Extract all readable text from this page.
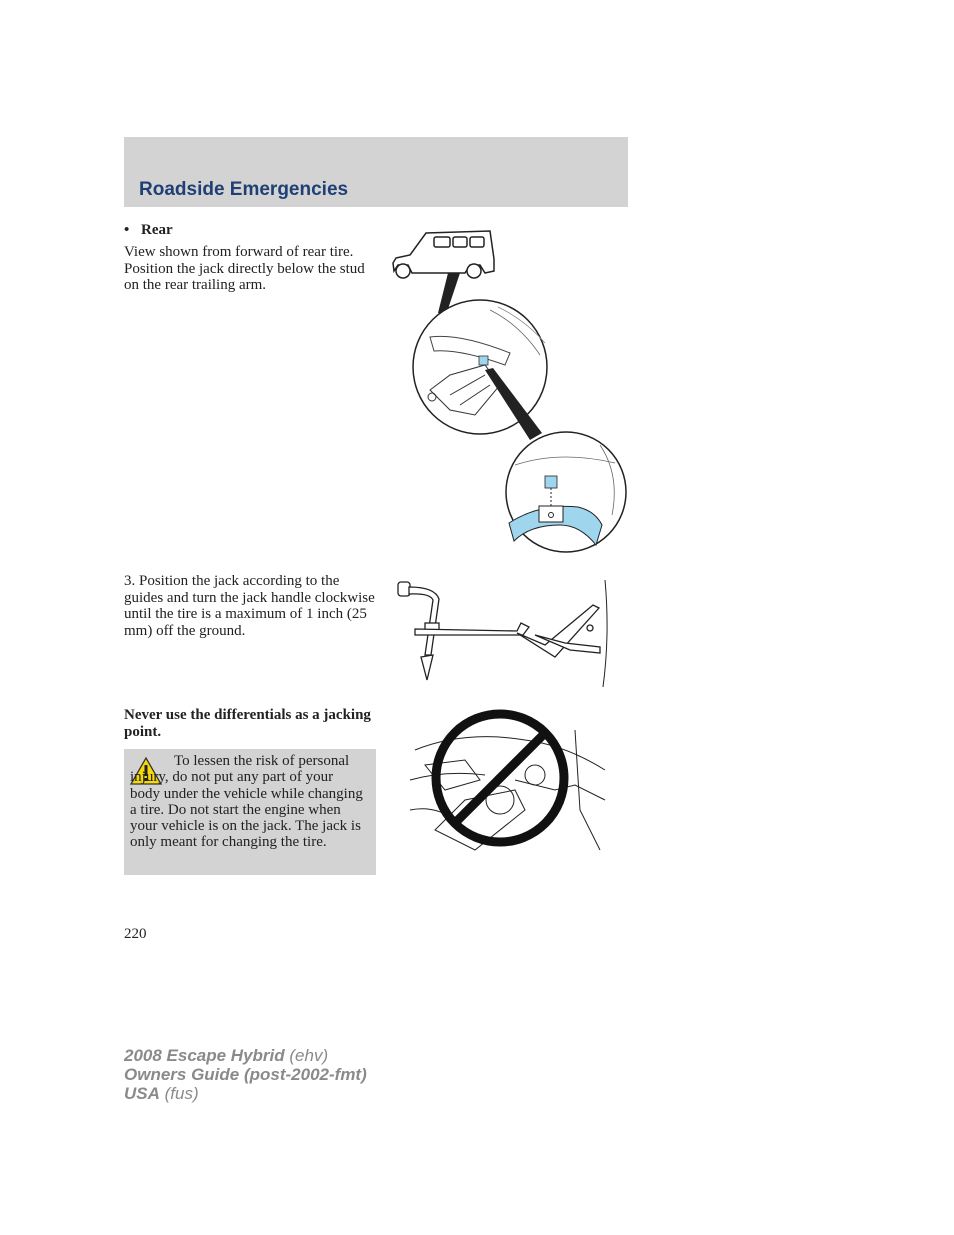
Roadside Emergencies
• Rear
View shown from forward of rear tire. Position the jack directly below the stud on the rear trailing arm.
3. Position the jack according to the guides and turn the jack handle clockwise until the tire is a maximum of 1 inch (25 mm) off the ground.
Never use the differentials as a jacking point.

To lessen the risk of personal injury, do not put any part of your body under the vehicle while changing a tire. Do not start the engine when your vehicle is on the jack. The jack is only meant for changing the tire.

220
2008 Escape Hybrid (ehv)
Owners Guide (post-2002-fmt)
USA (fus)
